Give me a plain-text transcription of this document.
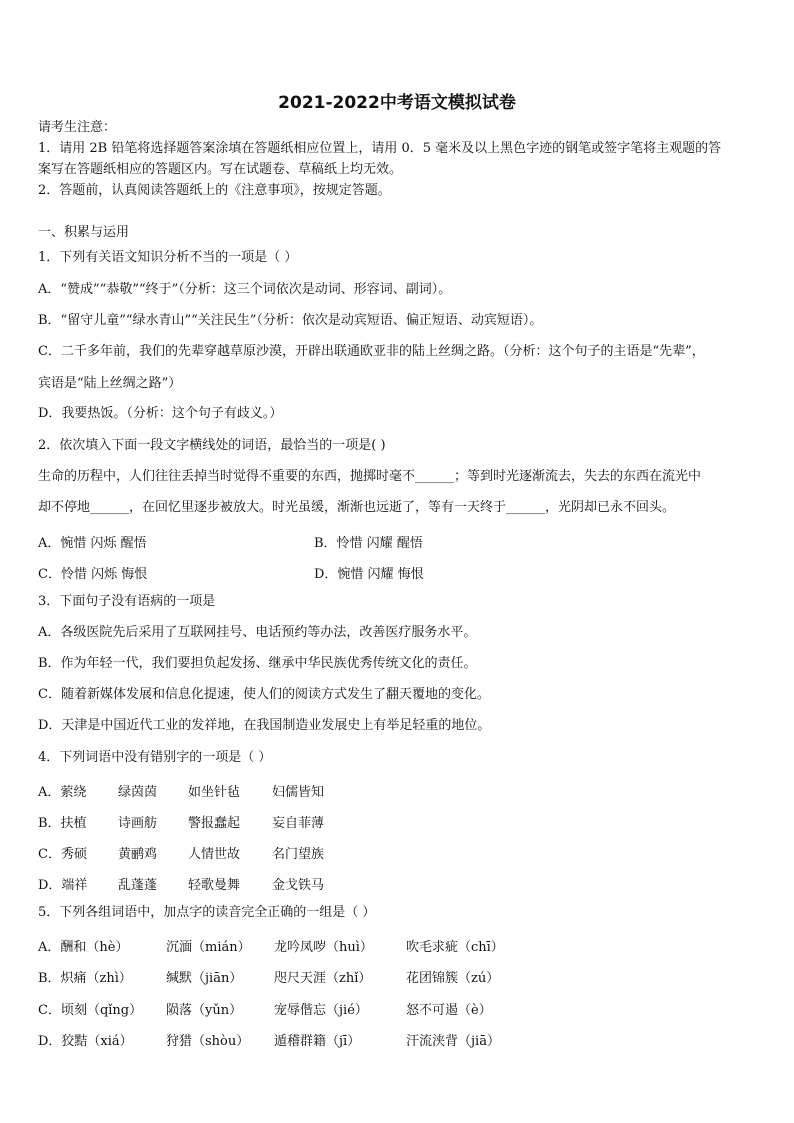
2021-2022中考语文模拟试卷
请考生注意：
1．请用 2B 铅笔将选择题答案涂填在答题纸相应位置上，请用 0．5 毫米及以上黑色字迹的钢笔或签字笔将主观题的答
案写在答题纸相应的答题区内。写在试题卷、草稿纸上均无效。
2．答题前，认真阅读答题纸上的《注意事项》，按规定答题。
一、积累与运用
1．下列有关语文知识分析不当的一项是（ ）
A．“赞成”“恭敬”“终于”（分析：这三个词依次是动词、形容词、副词）。
B．“留守儿童”“绿水青山”“关注民生”（分析：依次是动宾短语、偏正短语、动宾短语）。
C．二千多年前，我们的先辈穿越草原沙漠，开辟出联通欧亚非的陆上丝绸之路。（分析：这个句子的主语是“先辈”，
宾语是“陆上丝绸之路”）
D．我要热饭。（分析：这个句子有歧义。）
2．依次填入下面一段文字横线处的词语，最恰当的一项是( )
生命的历程中，人们往往丢掉当时觉得不重要的东西，抛掷时毫不______；等到时光逐渐流去，失去的东西在流光中
却不停地______，在回忆里逐步被放大。时光虽缓，渐渐也远逝了，等有一天终于______，光阴却已永不回头。
A．惋惜 闪烁 醒悟	B．怜惜 闪耀 醒悟
C．怜惜 闪烁 悔恨	D．惋惜 闪耀 悔恨
3．下面句子没有语病的一项是
A．各级医院先后采用了互联网挂号、电话预约等办法，改善医疗服务水平。
B．作为年轻一代，我们要担负起发扬、继承中华民族优秀传统文化的责任。
C．随着新媒体发展和信息化提速，使人们的阅读方式发生了翻天覆地的变化。
D．天津是中国近代工业的发祥地，在我国制造业发展史上有举足轻重的地位。
4．下列词语中没有错别字的一项是（ ）
A．萦绕 绿茵茵 如坐针毡 妇儒皆知
B．扶植 诗画舫 警报蠢起 妄自菲薄
C．秀硕 黄鹂鸡 人情世故 名门望族
D．端祥 乱蓬蓬 轻歌曼舞 金戈铁马
5．下列各组词语中，加点字的读音完全正确的一组是（ ）
A．酬和（hè）	沉湎（mián） 龙吟凤哕（huì）	吹毛求疵（chī）
B．炽痛（zhì）	缄默（jiān） 咫尺天涯（zhǐ）	花团锦簇（zú）
C．顷刻（qǐng） 陨落（yǔn） 宠辱偕忘（jié）	怒不可遏（è）
D．狡黠（xiá）	狩猎（shòu） 遁稽群籍（jī）	汗流浃背（jiā）
